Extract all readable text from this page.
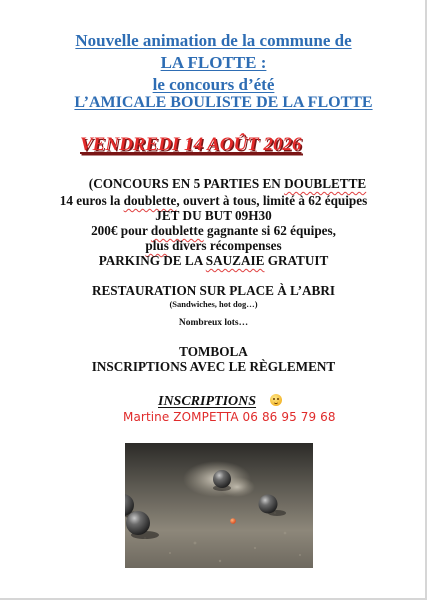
Nouvelle animation de la commune de
LA FLOTTE :
le concours d’été
L’AMICALE BOULISTE DE LA FLOTTE
VENDREDI 14 AOÛT 2026
(CONCOURS EN 5 PARTIES EN DOUBLETTE
14 euros la doublette, ouvert à tous, limité à 62 équipes
JET DU BUT 09H30
200€ pour doublette gagnante si 62 équipes,
plus divers récompenses
PARKING DE LA SAUZAIE GRATUIT
RESTAURATION SUR PLACE À L’ABRI
(Sandwiches, hot dog…)
Nombreux lots…
TOMBOLA
INSCRIPTIONS AVEC LE RÈGLEMENT
INSCRIPTIONS
Martine ZOMPETTA 06 86 95 79 68
